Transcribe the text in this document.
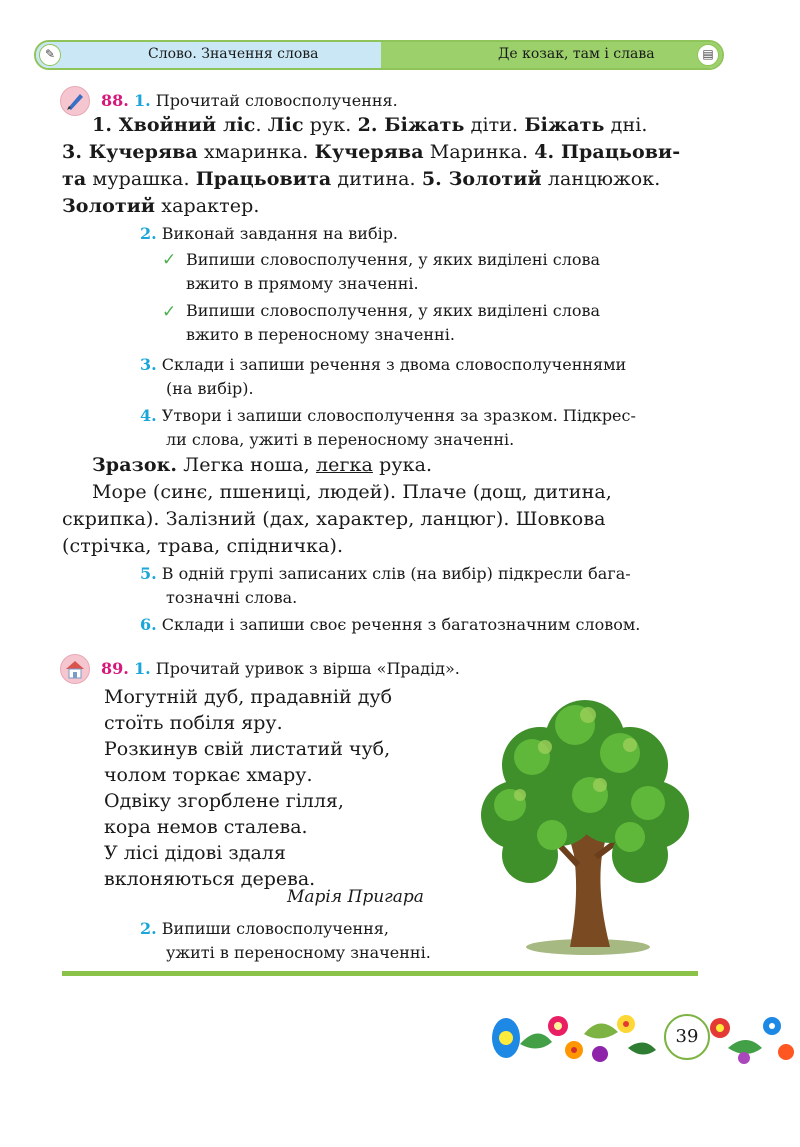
✎	Слово. Значення слова	Де козак, там і слава	▤
88. 1. Прочитай словосполучення.
1. Хвойний ліс. Ліс рук. 2. Біжать діти. Біжать дні.
3. Кучерява хмаринка. Кучерява Маринка. 4. Працьови-
та мурашка. Працьовита дитина. 5. Золотий ланцюжок.
Золотий характер.
2. Виконай завдання на вибір.
✓ Випиши словосполучення, у яких виділені слова
вжито в прямому значенні.
✓ Випиши словосполучення, у яких виділені слова
вжито в переносному значенні.
3. Склади і запиши речення з двома словосполученнями
(на вибір).
4. Утвори і запиши словосполучення за зразком. Підкрес-
ли слова, ужиті в переносному значенні.
Зразок. Легка ноша, легка рука.
Море (синє, пшениці, людей). Плаче (дощ, дитина,
скрипка). Залізний (дах, характер, ланцюг). Шовкова
(стрічка, трава, спідничка).
5. В одній групі записаних слів (на вибір) підкресли бага-
тозначні слова.
6. Склади і запиши своє речення з багатозначним словом.
89. 1. Прочитай уривок з вірша «Прадід».
Могутній дуб, прадавній дуб
стоїть побіля яру.
Розкинув свій листатий чуб,
чолом торкає хмару.
Одвіку згорблене гілля,
кора немов сталева.
У лісі дідові здаля
вклоняються дерева.
Марія Пригара
2. Випиши словосполучення,
ужиті в переносному значенні.
39
